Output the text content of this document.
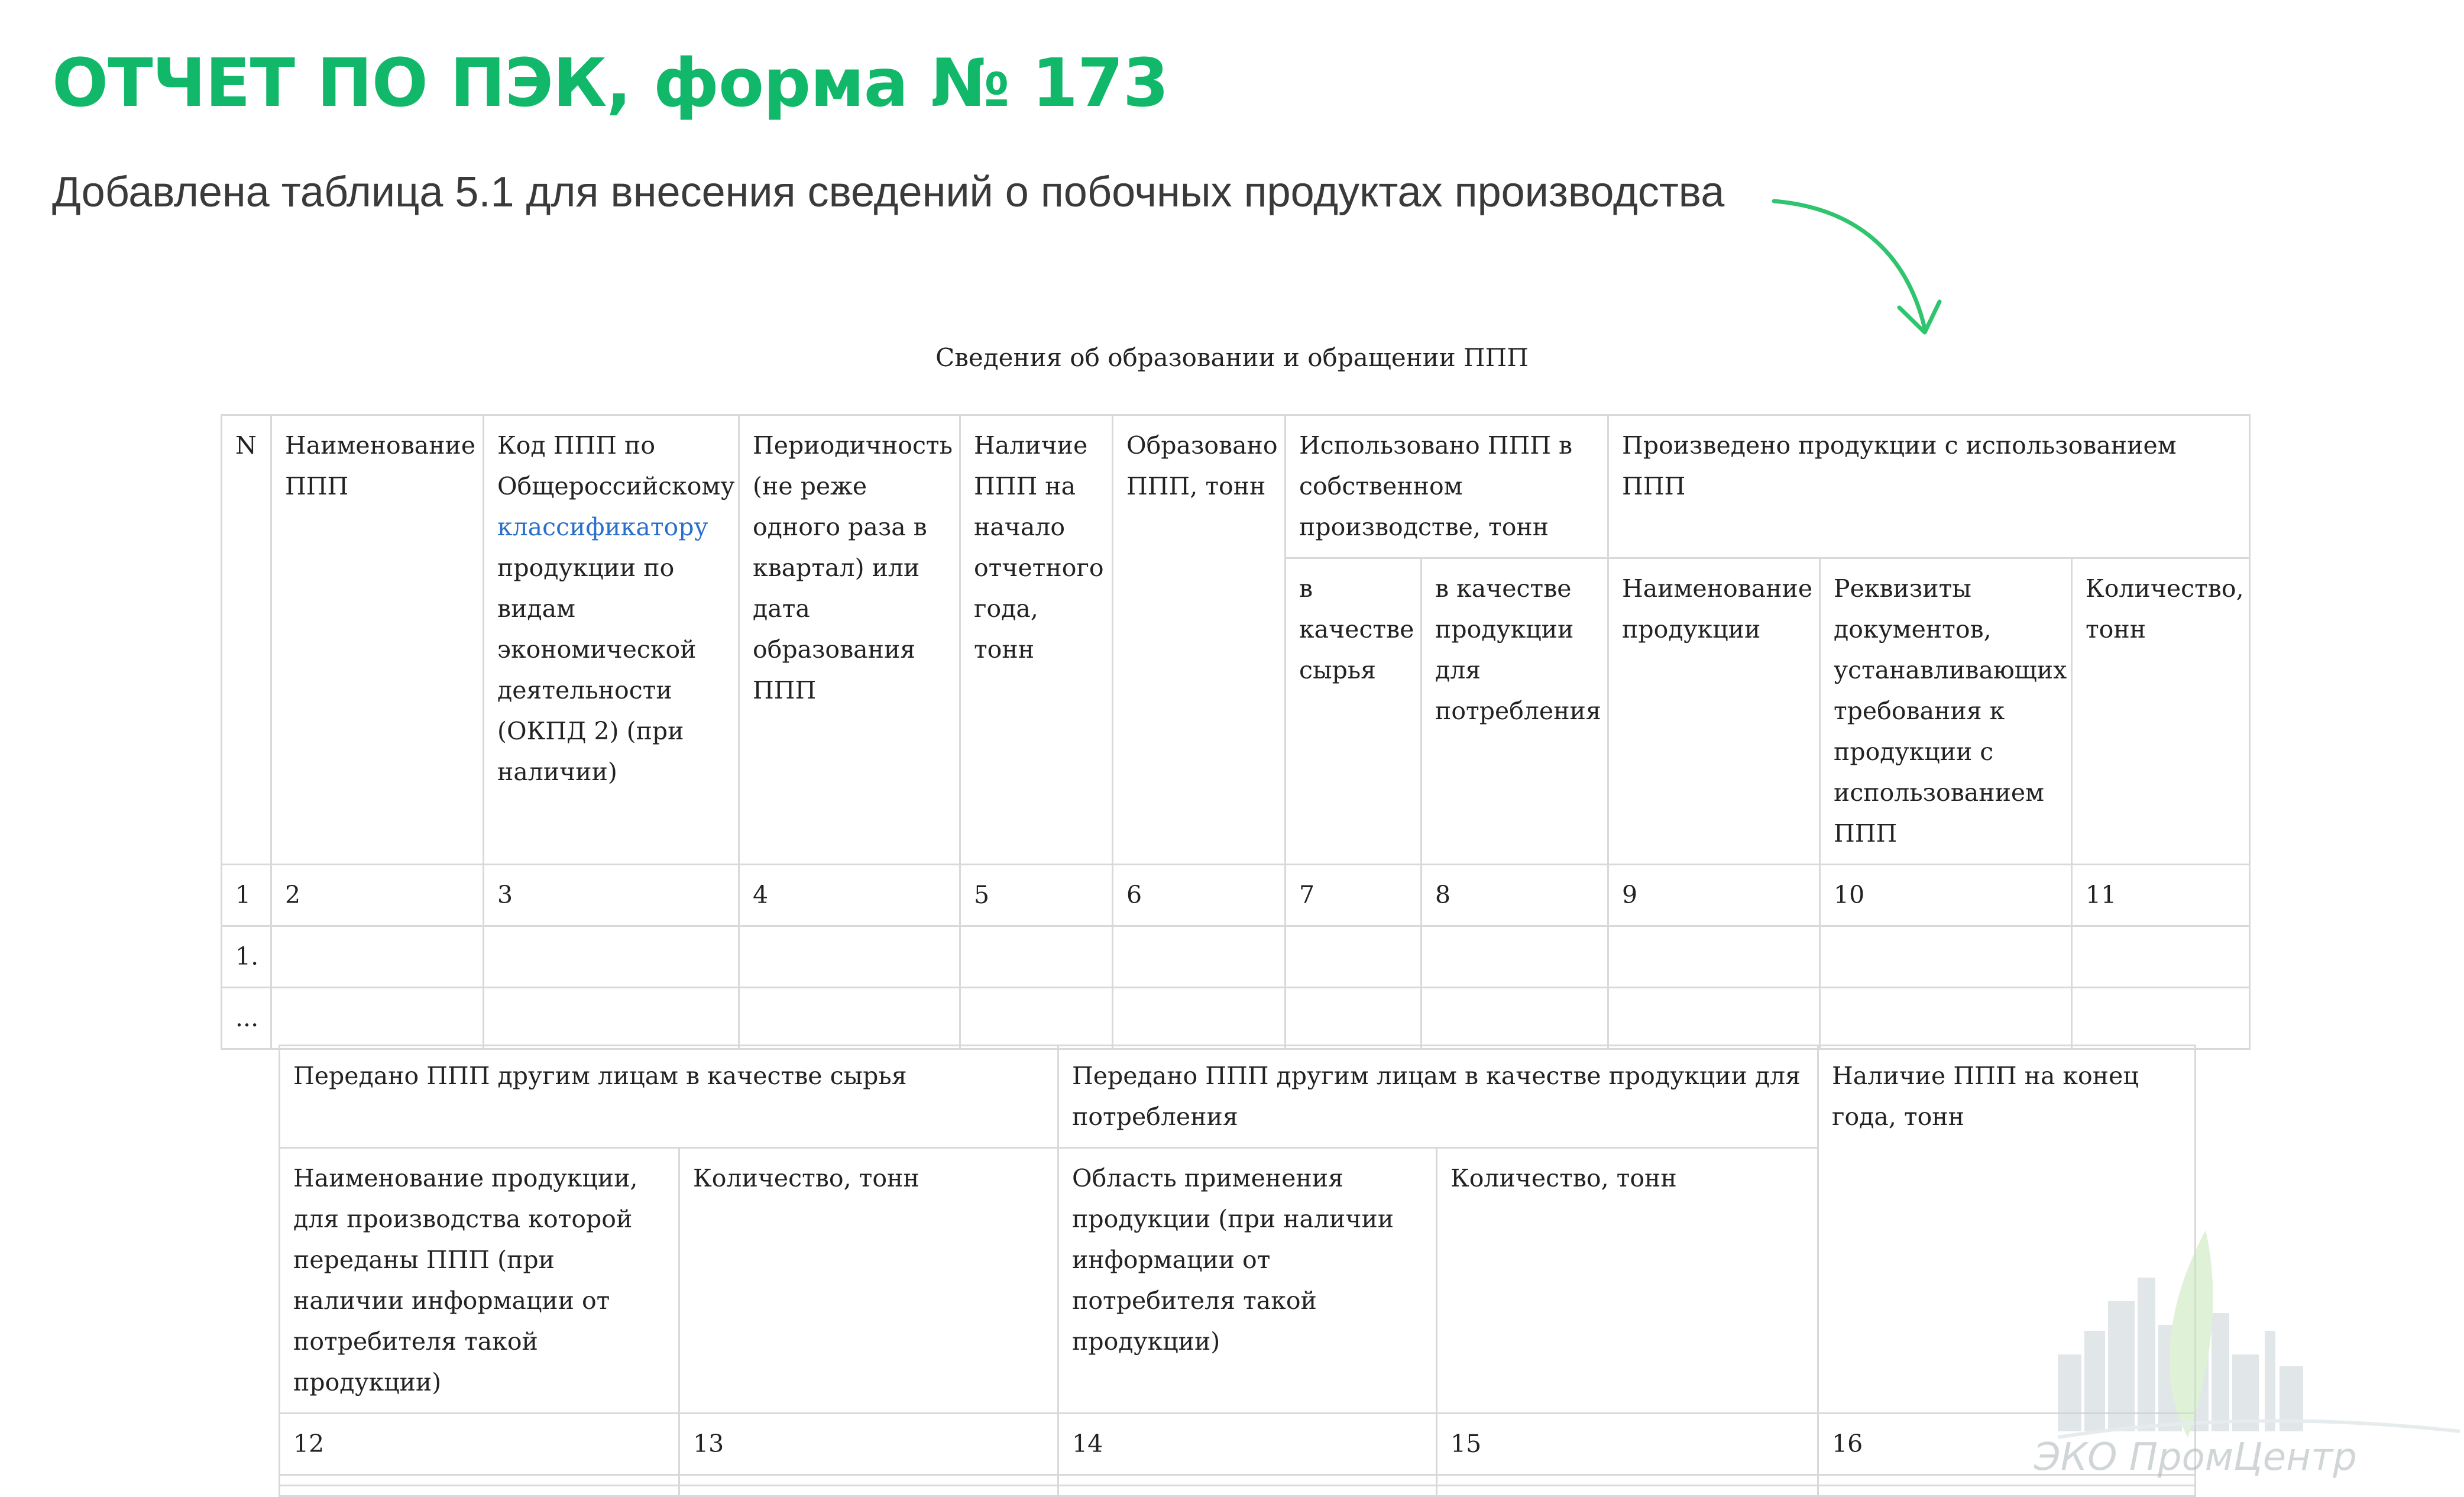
ОТЧЕТ ПО ПЭК, форма № 173

Добавлена таблица 5.1 для внесения сведений о побочных продуктах производства

Сведения об образовании и обращении ППП
N	Наименование ППП	Код ППП по Общероссийскому классификатору продукции по видам экономической деятельности (ОКПД 2) (при наличии)	Периодичность (не реже одного раза в квартал) или дата образования ППП	Наличие ППП на начало отчетного года, тонн	Образовано ППП, тонн	Использовано ППП в собственном производстве, тонн		Произведено продукции с использованием ППП		
						в качестве сырья	в качестве продукции для потребления	Наименование продукции	Реквизиты документов, устанавливающих требования к продукции с использованием ППП	Количество, тонн
1	2	3	4	5	6	7	8	9	10	11
1.										
...										
Передано ППП другим лицам в качестве сырья		Передано ППП другим лицам в качестве продукции для потребления		Наличие ППП на конец года, тонн
Наименование продукции, для производства которой переданы ППП (при наличии информации от потребителя такой продукции)	Количество, тонн	Область применения продукции (при наличии информации от потребителя такой продукции)	Количество, тонн	
12	13	14	15	16

					ЭКО ПромЦентр
